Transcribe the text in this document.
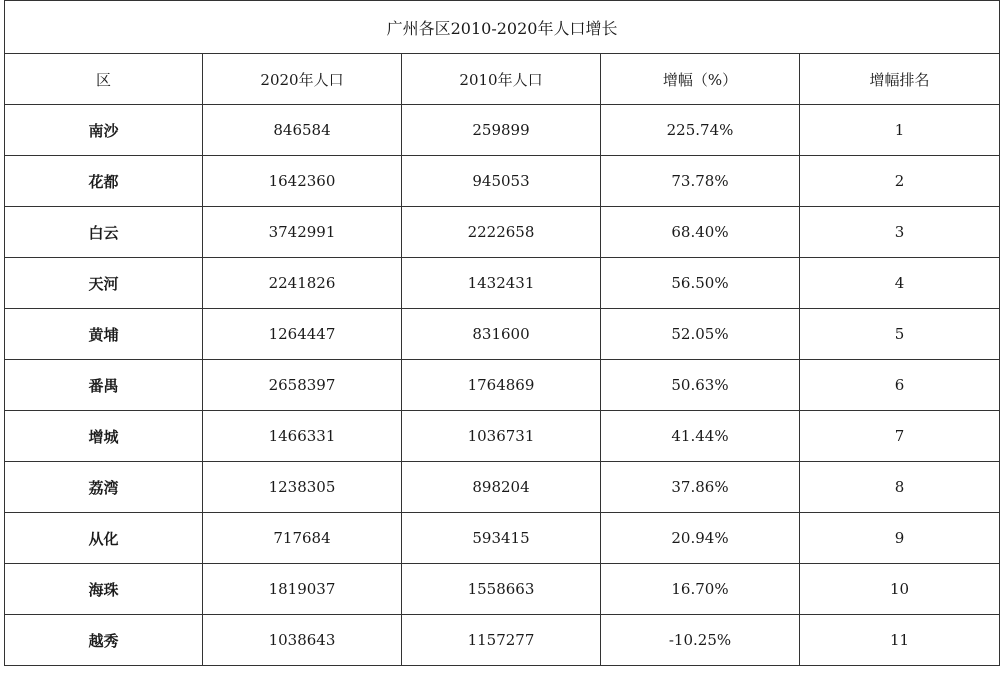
广州各区2010-2020年人口增长				
区	2020年人口	2010年人口	增幅（%）	增幅排名
南沙	846584	259899	225.74%	1
花都	1642360	945053	73.78%	2
白云	3742991	2222658	68.40%	3
天河	2241826	1432431	56.50%	4
黄埔	1264447	831600	52.05%	5
番禺	2658397	1764869	50.63%	6
增城	1466331	1036731	41.44%	7
荔湾	1238305	898204	37.86%	8
从化	717684	593415	20.94%	9
海珠	1819037	1558663	16.70%	10
越秀	1038643	1157277	-10.25%	11
